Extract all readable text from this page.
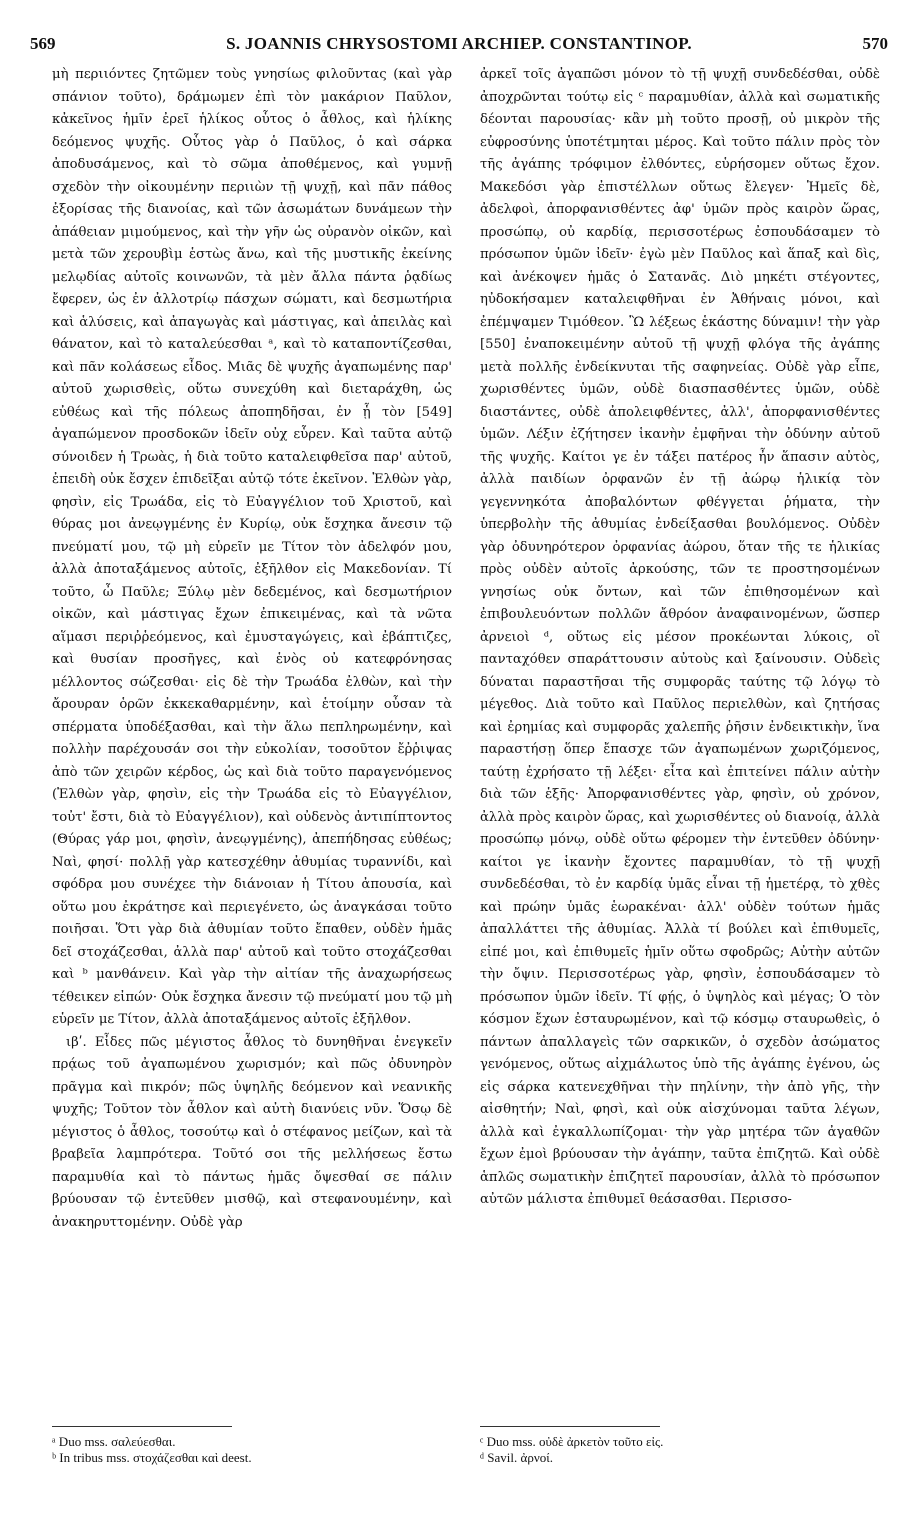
569	S. JOANNIS CHRYSOSTOMI ARCHIEP. CONSTANTINOP.	570

μὴ περιιόντες ζητῶμεν τοὺς γνησίως φιλοῦντας (καὶ γὰρ σπάνιον τοῦτο), δράμωμεν ἐπὶ τὸν μακάριον Παῦλον, κἀκεῖνος ἡμῖν ἐρεῖ ἡλίκος οὗτος ὁ ἆθλος, καὶ ἡλίκης δεόμενος ψυχῆς. Οὗτος γὰρ ὁ Παῦλος, ὁ καὶ σάρκα ἀποδυσάμενος, καὶ τὸ σῶμα ἀποθέμενος, καὶ γυμνῇ σχεδὸν τὴν οἰκουμένην περιιὼν τῇ ψυχῇ, καὶ πᾶν πάθος ἐξορίσας τῆς διανοίας, καὶ τῶν ἀσωμάτων δυνάμεων τὴν ἀπάθειαν μιμούμενος, καὶ τὴν γῆν ὡς οὐρανὸν οἰκῶν, καὶ μετὰ τῶν χερουβὶμ ἑστὼς ἄνω, καὶ τῆς μυστικῆς ἐκείνης μελῳδίας αὐτοῖς κοινωνῶν, τὰ μὲν ἄλλα πάντα ῥᾳδίως ἔφερεν, ὡς ἐν ἀλλοτρίῳ πάσχων σώματι, καὶ δεσμωτήρια καὶ ἁλύσεις, καὶ ἀπαγωγὰς καὶ μάστιγας, καὶ ἀπειλὰς καὶ θάνατον, καὶ τὸ καταλεύεσθαι ᵃ, καὶ τὸ καταποντίζεσθαι, καὶ πᾶν κολάσεως εἶδος. Μιᾶς δὲ ψυχῆς ἀγαπωμένης παρ' αὐτοῦ χωρισθεὶς, οὕτω συνεχύθη καὶ διεταράχθη, ὡς εὐθέως καὶ τῆς πόλεως ἀποπηδῆσαι, ἐν ᾗ τὸν [549] ἀγαπώμενον προσδοκῶν ἰδεῖν οὐχ εὗρεν. Καὶ ταῦτα αὐτῷ σύνοιδεν ἡ Τρωὰς, ἡ διὰ τοῦτο καταλειφθεῖσα παρ' αὐτοῦ, ἐπειδὴ οὐκ ἔσχεν ἐπιδεῖξαι αὐτῷ τότε ἐκεῖνον. Ἐλθὼν γὰρ, φησὶν, εἰς Τρωάδα, εἰς τὸ Εὐαγγέλιον τοῦ Χριστοῦ, καὶ θύρας μοι ἀνεῳγμένης ἐν Κυρίῳ, οὐκ ἔσχηκα ἄνεσιν τῷ πνεύματί μου, τῷ μὴ εὑρεῖν με Τίτον τὸν ἀδελφόν μου, ἀλλὰ ἀποταξάμενος αὐτοῖς, ἐξῆλθον εἰς Μακεδονίαν. Τί τοῦτο, ὦ Παῦλε; Ξύλῳ μὲν δεδεμένος, καὶ δεσμωτήριον οἰκῶν, καὶ μάστιγας ἔχων ἐπικειμένας, καὶ τὰ νῶτα αἵμασι περιῤῥεόμενος, καὶ ἐμυσταγώγεις, καὶ ἐβάπτιζες, καὶ θυσίαν προσῆγες, καὶ ἑνὸς οὐ κατεφρόνησας μέλλοντος σώζεσθαι· εἰς δὲ τὴν Τρωάδα ἐλθὼν, καὶ τὴν ἄρουραν ὁρῶν ἐκκεκαθαρμένην, καὶ ἑτοίμην οὖσαν τὰ σπέρματα ὑποδέξασθαι, καὶ τὴν ἅλω πεπληρωμένην, καὶ πολλὴν παρέχουσάν σοι τὴν εὐκολίαν, τοσοῦτον ἔῤῥιψας ἀπὸ τῶν χειρῶν κέρδος, ὡς καὶ διὰ τοῦτο παραγενόμενος (Ἐλθὼν γὰρ, φησὶν, εἰς τὴν Τρωάδα εἰς τὸ Εὐαγγέλιον, τοὐτ' ἔστι, διὰ τὸ Εὐαγγέλιον), καὶ οὐδενὸς ἀντιπίπτοντος (Θύρας γάρ μοι, φησὶν, ἀνεῳγμένης), ἀπεπήδησας εὐθέως; Ναὶ, φησί· πολλῇ γὰρ κατεσχέθην ἀθυμίας τυραννίδι, καὶ σφόδρα μου συνέχεε τὴν διάνοιαν ἡ Τίτου ἀπουσία, καὶ οὕτω μου ἐκράτησε καὶ περιεγένετο, ὡς ἀναγκάσαι τοῦτο ποιῆσαι. Ὅτι γὰρ διὰ ἀθυμίαν τοῦτο ἔπαθεν, οὐδὲν ἡμᾶς δεῖ στοχάζεσθαι, ἀλλὰ παρ' αὐτοῦ καὶ τοῦτο στοχάζεσθαι καὶ ᵇ μανθάνειν. Καὶ γὰρ τὴν αἰτίαν τῆς ἀναχωρήσεως τέθεικεν εἰπών· Οὐκ ἔσχηκα ἄνεσιν τῷ πνεύματί μου τῷ μὴ εὑρεῖν με Τίτον, ἀλλὰ ἀποταξάμενος αὐτοῖς ἐξῆλθον.

ιβʹ. Εἶδες πῶς μέγιστος ἆθλος τὸ δυνηθῆναι ἐνεγκεῖν πρᾴως τοῦ ἀγαπωμένου χωρισμόν; καὶ πῶς ὀδυνηρὸν πρᾶγμα καὶ πικρόν; πῶς ὑψηλῆς δεόμενον καὶ νεανικῆς ψυχῆς; Τοῦτον τὸν ἆθλον καὶ αὐτὴ διανύεις νῦν. Ὅσῳ δὲ μέγιστος ὁ ἆθλος, τοσούτῳ καὶ ὁ στέφανος μείζων, καὶ τὰ βραβεῖα λαμπρότερα. Τοῦτό σοι τῆς μελλήσεως ἔστω παραμυθία καὶ τὸ πάντως ἡμᾶς ὄψεσθαί σε πάλιν βρύουσαν τῷ ἐντεῦθεν μισθῷ, καὶ στεφανουμένην, καὶ ἀνακηρυττομένην. Οὐδὲ γὰρ

ἀρκεῖ τοῖς ἀγαπῶσι μόνον τὸ τῇ ψυχῇ συνδεδέσθαι, οὐδὲ ἀποχρῶνται τούτῳ εἰς ᶜ παραμυθίαν, ἀλλὰ καὶ σωματικῆς δέονται παρουσίας· κἂν μὴ τοῦτο προσῇ, οὐ μικρὸν τῆς εὐφροσύνης ὑποτέτμηται μέρος. Καὶ τοῦτο πάλιν πρὸς τὸν τῆς ἀγάπης τρόφιμον ἐλθόντες, εὑρήσομεν οὕτως ἔχον. Μακεδόσι γὰρ ἐπιστέλλων οὕτως ἔλεγεν· Ἡμεῖς δὲ, ἀδελφοὶ, ἀπορφανισθέντες ἀφ' ὑμῶν πρὸς καιρὸν ὥρας, προσώπῳ, οὐ καρδίᾳ, περισσοτέρως ἐσπουδάσαμεν τὸ πρόσωπον ὑμῶν ἰδεῖν· ἐγὼ μὲν Παῦλος καὶ ἅπαξ καὶ δὶς, καὶ ἀνέκοψεν ἡμᾶς ὁ Σατανᾶς. Διὸ μηκέτι στέγοντες, ηὐδοκήσαμεν καταλειφθῆναι ἐν Ἀθήναις μόνοι, καὶ ἐπέμψαμεν Τιμόθεον. Ὢ λέξεως ἑκάστης δύναμιν! τὴν γὰρ [550] ἐναποκειμένην αὐτοῦ τῇ ψυχῇ φλόγα τῆς ἀγάπης μετὰ πολλῆς ἐνδείκνυται τῆς σαφηνείας. Οὐδὲ γὰρ εἶπε, χωρισθέντες ὑμῶν, οὐδὲ διασπασθέντες ὑμῶν, οὐδὲ διαστάντες, οὐδὲ ἀπολειφθέντες, ἀλλ', ἀπορφανισθέντες ὑμῶν. Λέξιν ἐζήτησεν ἱκανὴν ἐμφῆναι τὴν ὀδύνην αὐτοῦ τῆς ψυχῆς. Καίτοι γε ἐν τάξει πατέρος ἦν ἅπασιν αὐτὸς, ἀλλὰ παιδίων ὀρφανῶν ἐν τῇ ἀώρῳ ἡλικίᾳ τὸν γεγεννηκότα ἀποβαλόντων φθέγγεται ῥήματα, τὴν ὑπερβολὴν τῆς ἀθυμίας ἐνδείξασθαι βουλόμενος. Οὐδὲν γὰρ ὀδυνηρότερον ὀρφανίας ἀώρου, ὅταν τῆς τε ἡλικίας πρὸς οὐδὲν αὐτοῖς ἀρκούσης, τῶν τε προστησομένων γνησίως οὐκ ὄντων, καὶ τῶν ἐπιθησομένων καὶ ἐπιβουλευόντων πολλῶν ἄθρόον ἀναφαινομένων, ὥσπερ ἀρνειοὶ ᵈ, οὕτως εἰς μέσον προκέωνται λύκοις, οἳ πανταχόθεν σπαράττουσιν αὐτοὺς καὶ ξαίνουσιν. Οὐδεὶς δύναται παραστῆσαι τῆς συμφορᾶς ταύτης τῷ λόγῳ τὸ μέγεθος. Διὰ τοῦτο καὶ Παῦλος περιελθὼν, καὶ ζητήσας καὶ ἐρημίας καὶ συμφορᾶς χαλεπῆς ῥῆσιν ἐνδεικτικὴν, ἵνα παραστήσῃ ὅπερ ἔπασχε τῶν ἀγαπωμένων χωριζόμενος, ταύτῃ ἐχρήσατο τῇ λέξει· εἶτα καὶ ἐπιτείνει πάλιν αὐτὴν διὰ τῶν ἑξῆς· Ἀπορφανισθέντες γὰρ, φησὶν, οὐ χρόνον, ἀλλὰ πρὸς καιρὸν ὥρας, καὶ χωρισθέντες οὐ διανοίᾳ, ἀλλὰ προσώπῳ μόνῳ, οὐδὲ οὕτω φέρομεν τὴν ἐντεῦθεν ὀδύνην· καίτοι γε ἱκανὴν ἔχοντες παραμυθίαν, τὸ τῇ ψυχῇ συνδεδέσθαι, τὸ ἐν καρδίᾳ ὑμᾶς εἶναι τῇ ἡμετέρᾳ, τὸ χθὲς καὶ πρώην ὑμᾶς ἑωρακέναι· ἀλλ' οὐδὲν τούτων ἡμᾶς ἀπαλλάττει τῆς ἀθυμίας. Ἀλλὰ τί βούλει καὶ ἐπιθυμεῖς, εἰπέ μοι, καὶ ἐπιθυμεῖς ἡμῖν οὕτω σφοδρῶς; Αὐτὴν αὐτῶν τὴν ὄψιν. Περισσοτέρως γὰρ, φησὶν, ἐσπουδάσαμεν τὸ πρόσωπον ὑμῶν ἰδεῖν. Τί φῄς, ὁ ὑψηλὸς καὶ μέγας; Ὁ τὸν κόσμον ἔχων ἐσταυρωμένον, καὶ τῷ κόσμῳ σταυρωθεὶς, ὁ πάντων ἀπαλλαγεὶς τῶν σαρκικῶν, ὁ σχεδὸν ἀσώματος γενόμενος, οὕτως αἰχμάλωτος ὑπὸ τῆς ἀγάπης ἐγένου, ὡς εἰς σάρκα κατενεχθῆναι τὴν πηλίνην, τὴν ἀπὸ γῆς, τὴν αἰσθητήν; Ναὶ, φησὶ, καὶ οὐκ αἰσχύνομαι ταῦτα λέγων, ἀλλὰ καὶ ἐγκαλλωπίζομαι· τὴν γὰρ μητέρα τῶν ἀγαθῶν ἔχων ἐμοὶ βρύουσαν τὴν ἀγάπην, ταῦτα ἐπιζητῶ. Καὶ οὐδὲ ἁπλῶς σωματικὴν ἐπιζητεῖ παρουσίαν, ἀλλὰ τὸ πρόσωπον αὐτῶν μάλιστα ἐπιθυμεῖ θεάσασθαι. Περισσο-

ᵃ Duo mss. σαλεύεσθαι.
ᵇ In tribus mss. στοχάζεσθαι καὶ deest.
ᶜ Duo mss. οὐδὲ ἀρκετὸν τοῦτο εἰς.
ᵈ Savil. ἀρνοί.
